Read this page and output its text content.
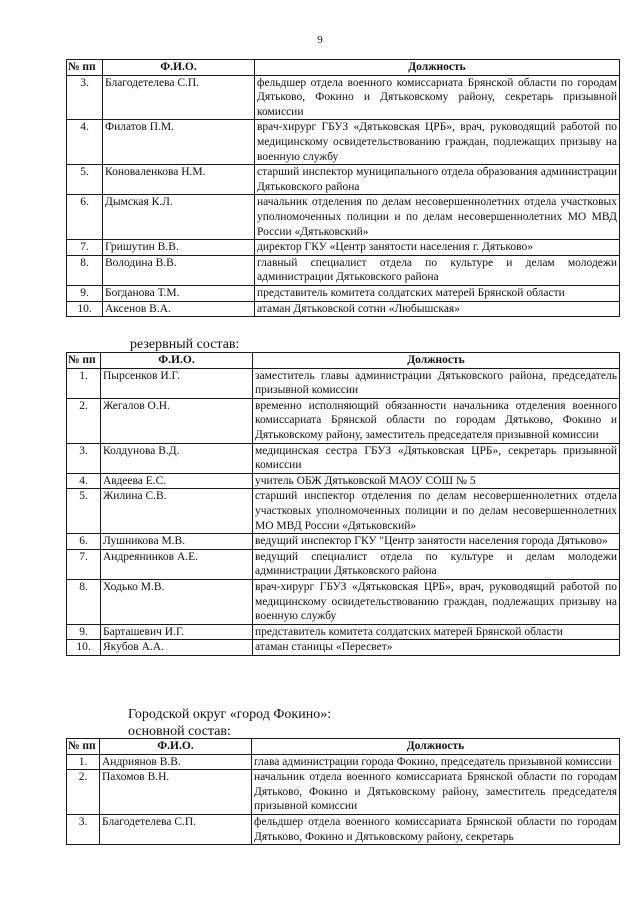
9
№ пп	Ф.И.О.	Должность
3.	Благодетелева С.П.	фельдшер отдела военного комиссариата Брянской области по городам Дятьково, Фокино и Дятьковскому району, секретарь призывной комиссии
4.	Филатов П.М.	врач-хирург ГБУЗ «Дятьковская ЦРБ», врач, руководящий работой по медицинскому освидетельствованию граждан, подлежащих призыву на военную службу
5.	Коноваленкова Н.М.	старший инспектор муниципального отдела образования администрации Дятьковского района
6.	Дымская К.Л.	начальник отделения по делам несовершеннолетних отдела участковых уполномоченных полиции и по делам несовершеннолетних МО МВД России «Дятьковский»
7.	Гришутин В.В.	директор ГКУ «Центр занятости населения г. Дятьково»
8.	Володина В.В.	главный специалист отдела по культуре и делам молодежи администрации Дятьковского района
9.	Богданова Т.М.	представитель комитета солдатских матерей Брянской области
10.	Аксенов В.А.	атаман Дятьковской сотни «Любышская»
резервный состав:
№ пп	Ф.И.О.	Должность
1.	Пырсенков И.Г.	заместитель главы администрации Дятьковского района, председатель призывной комиссии
2.	Жегалов О.Н.	временно исполняющий обязанности начальника отделения военного комиссариата Брянской области по городам Дятьково, Фокино и Дятьковскому району, заместитель председателя призывной комиссии
3.	Колдунова В.Д.	медицинская сестра ГБУЗ «Дятьковская ЦРБ», секретарь призывной комиссии
4.	Авдеева Е.С.	учитель ОБЖ Дятьковской МАОУ СОШ № 5
5.	Жилина С.В.	старший инспектор отделения по делам несовершеннолетних отдела участковых уполномоченных полиции и по делам несовершеннолетних МО МВД России «Дятьковский»
6.	Лушникова М.В.	ведущий инспектор ГКУ "Центр занятости населения города Дятьково»
7.	Андреянинков А.Е.	ведущий специалист отдела по культуре и делам молодежи администрации Дятьковского района
8.	Ходько М.В.	врач-хирург ГБУЗ «Дятьковская ЦРБ», врач, руководящий работой по медицинскому освидетельствованию граждан, подлежащих призыву на военную службу
9.	Барташевич И.Г.	представитель комитета солдатских матерей Брянской области
10.	Якубов А.А.	атаман станицы «Пересвет»
Городской округ «город Фокино»:
основной состав:
№ пп	Ф.И.О.	Должность
1.	Андриянов В.В.	глава администрации города Фокино, председатель призывной комиссии
2.	Пахомов В.Н.	начальник отдела военного комиссариата Брянской области по городам Дятьково, Фокино и Дятьковскому району, заместитель председателя призывной комиссии
3.	Благодетелева С.П.	фельдшер отдела военного комиссариата Брянской области по городам Дятьково, Фокино и Дятьковскому району, секретарь
